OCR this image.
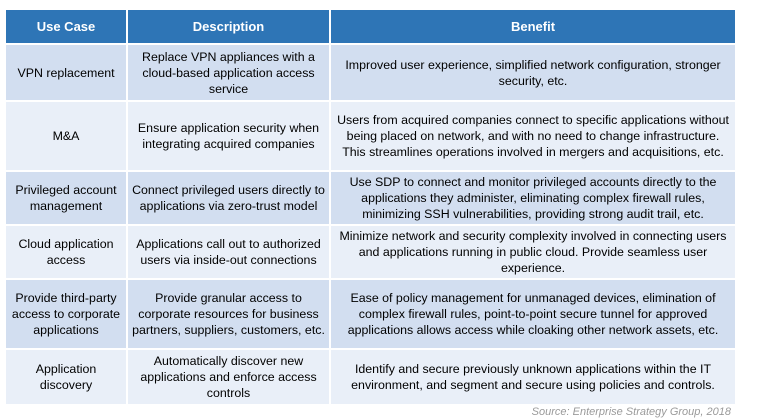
Use Case	Description	Benefit
VPN replacement	Replace VPN appliances with a cloud-based application access service	Improved user experience, simplified network configuration, stronger security, etc.
M&A	Ensure application security when integrating acquired companies	Users from acquired companies connect to specific applications without being placed on network, and with no need to change infrastructure. This streamlines operations involved in mergers and acquisitions, etc.
Privileged account management	Connect privileged users directly to applications via zero-trust model	Use SDP to connect and monitor privileged accounts directly to the applications they administer, eliminating complex firewall rules, minimizing SSH vulnerabilities, providing strong audit trail, etc.
Cloud application access	Applications call out to authorized users via inside-out connections	Minimize network and security complexity involved in connecting users and applications running in public cloud. Provide seamless user experience.
Provide third-party access to corporate applications	Provide granular access to corporate resources for business partners, suppliers, customers, etc.	Ease of policy management for unmanaged devices, elimination of complex firewall rules, point-to-point secure tunnel for approved applications allows access while cloaking other network assets, etc.
Application discovery	Automatically discover new applications and enforce access controls	Identify and secure previously unknown applications within the IT environment, and segment and secure using policies and controls.
Source: Enterprise Strategy Group, 2018
